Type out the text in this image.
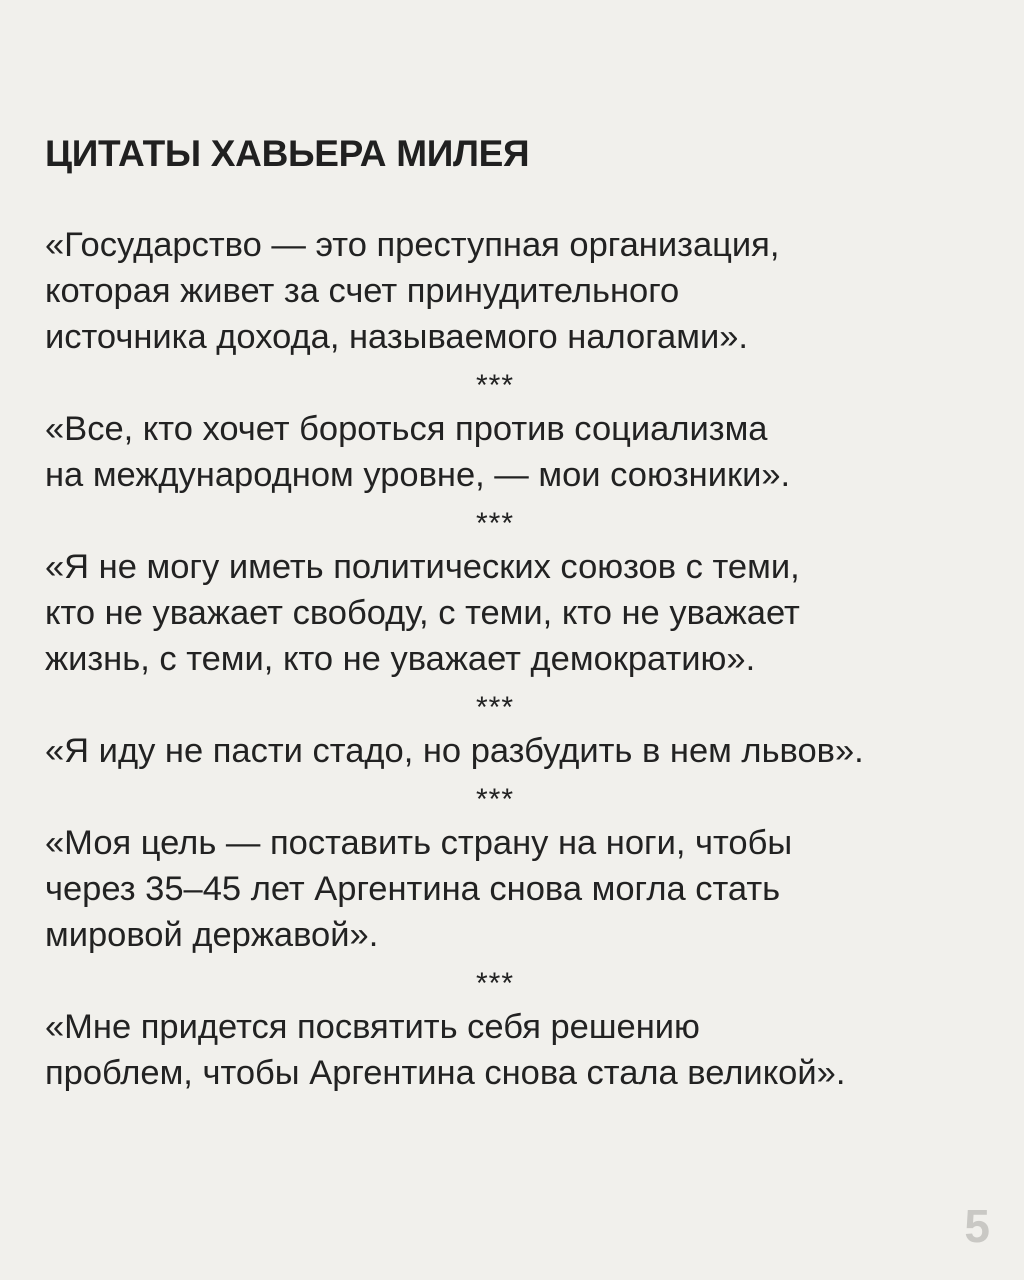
ЦИТАТЫ ХАВЬЕРА МИЛЕЯ
«Государство — это преступная организация,
которая живет за счет принудительного
источника дохода, называемого налогами».
***
«Все, кто хочет бороться против социализма
на международном уровне, — мои союзники».
***
«Я не могу иметь политических союзов с теми,
кто не уважает свободу, с теми, кто не уважает
жизнь, с теми, кто не уважает демократию».
***
«Я иду не пасти стадо, но разбудить в нем львов».
***
«Моя цель — поставить страну на ноги, чтобы
через 35–45 лет Аргентина снова могла стать
мировой державой».
***
«Мне придется посвятить себя решению
проблем, чтобы Аргентина снова стала великой».
5
